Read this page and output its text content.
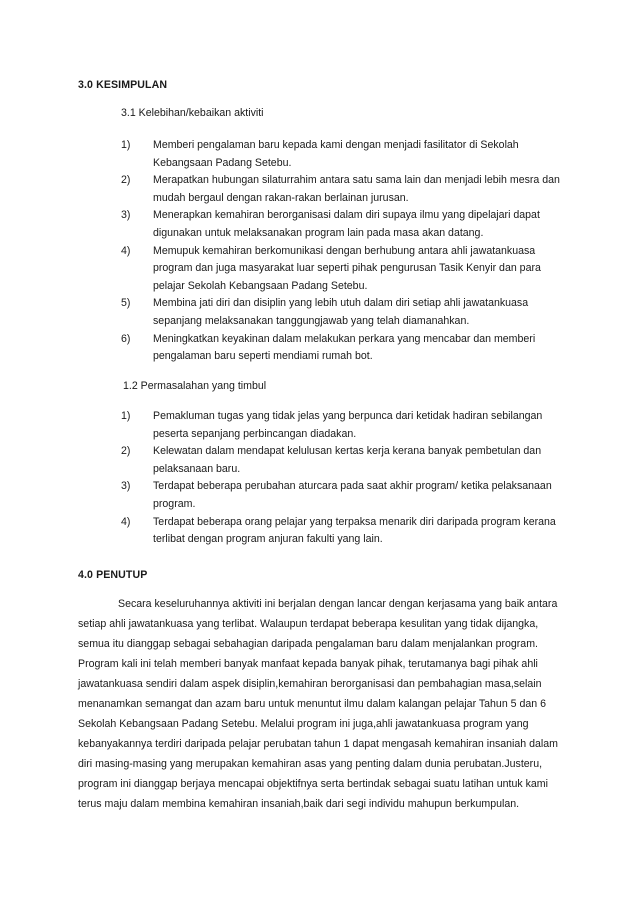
3.0 KESIMPULAN
3.1 Kelebihan/kebaikan aktiviti
1) Memberi pengalaman baru kepada kami dengan menjadi fasilitator di Sekolah Kebangsaan Padang Setebu.
2) Merapatkan hubungan silaturrahim antara satu sama lain dan menjadi lebih mesra dan mudah bergaul dengan rakan-rakan berlainan jurusan.
3) Menerapkan kemahiran berorganisasi dalam diri supaya ilmu yang dipelajari dapat digunakan untuk melaksanakan program lain pada masa akan datang.
4) Memupuk kemahiran berkomunikasi dengan berhubung antara ahli jawatankuasa program dan juga masyarakat luar seperti pihak pengurusan Tasik Kenyir dan para pelajar Sekolah Kebangsaan Padang Setebu.
5) Membina jati diri dan disiplin yang lebih utuh dalam diri setiap ahli jawatankuasa sepanjang melaksanakan tanggungjawab yang telah diamanahkan.
6) Meningkatkan keyakinan dalam melakukan perkara yang mencabar dan memberi pengalaman baru seperti mendiami rumah bot.
1.2 Permasalahan yang timbul
1) Pemakluman tugas yang tidak jelas yang berpunca dari ketidak hadiran sebilangan peserta sepanjang perbincangan diadakan.
2) Kelewatan dalam mendapat kelulusan kertas kerja kerana banyak pembetulan dan pelaksanaan baru.
3) Terdapat beberapa perubahan aturcara pada saat akhir program/ ketika pelaksanaan program.
4) Terdapat beberapa orang pelajar yang terpaksa menarik diri daripada program kerana terlibat dengan program anjuran fakulti yang lain.
4.0 PENUTUP

Secara keseluruhannya aktiviti ini berjalan dengan lancar dengan kerjasama yang baik antara setiap ahli jawatankuasa yang terlibat. Walaupun terdapat beberapa kesulitan yang tidak dijangka, semua itu dianggap sebagai sebahagian daripada pengalaman baru dalam menjalankan program. Program kali ini telah memberi banyak manfaat kepada banyak pihak, terutamanya bagi pihak ahli jawatankuasa sendiri dalam aspek disiplin,kemahiran berorganisasi dan pembahagian masa,selain menanamkan semangat dan azam baru untuk menuntut ilmu dalam kalangan pelajar Tahun 5 dan 6 Sekolah Kebangsaan Padang Setebu. Melalui program ini juga,ahli jawatankuasa program yang kebanyakannya terdiri daripada pelajar perubatan tahun 1 dapat mengasah kemahiran insaniah dalam diri masing-masing yang merupakan kemahiran asas yang penting dalam dunia perubatan.Justeru, program ini dianggap berjaya mencapai objektifnya serta bertindak sebagai suatu latihan untuk kami terus maju dalam membina kemahiran insaniah,baik dari segi individu mahupun berkumpulan.
